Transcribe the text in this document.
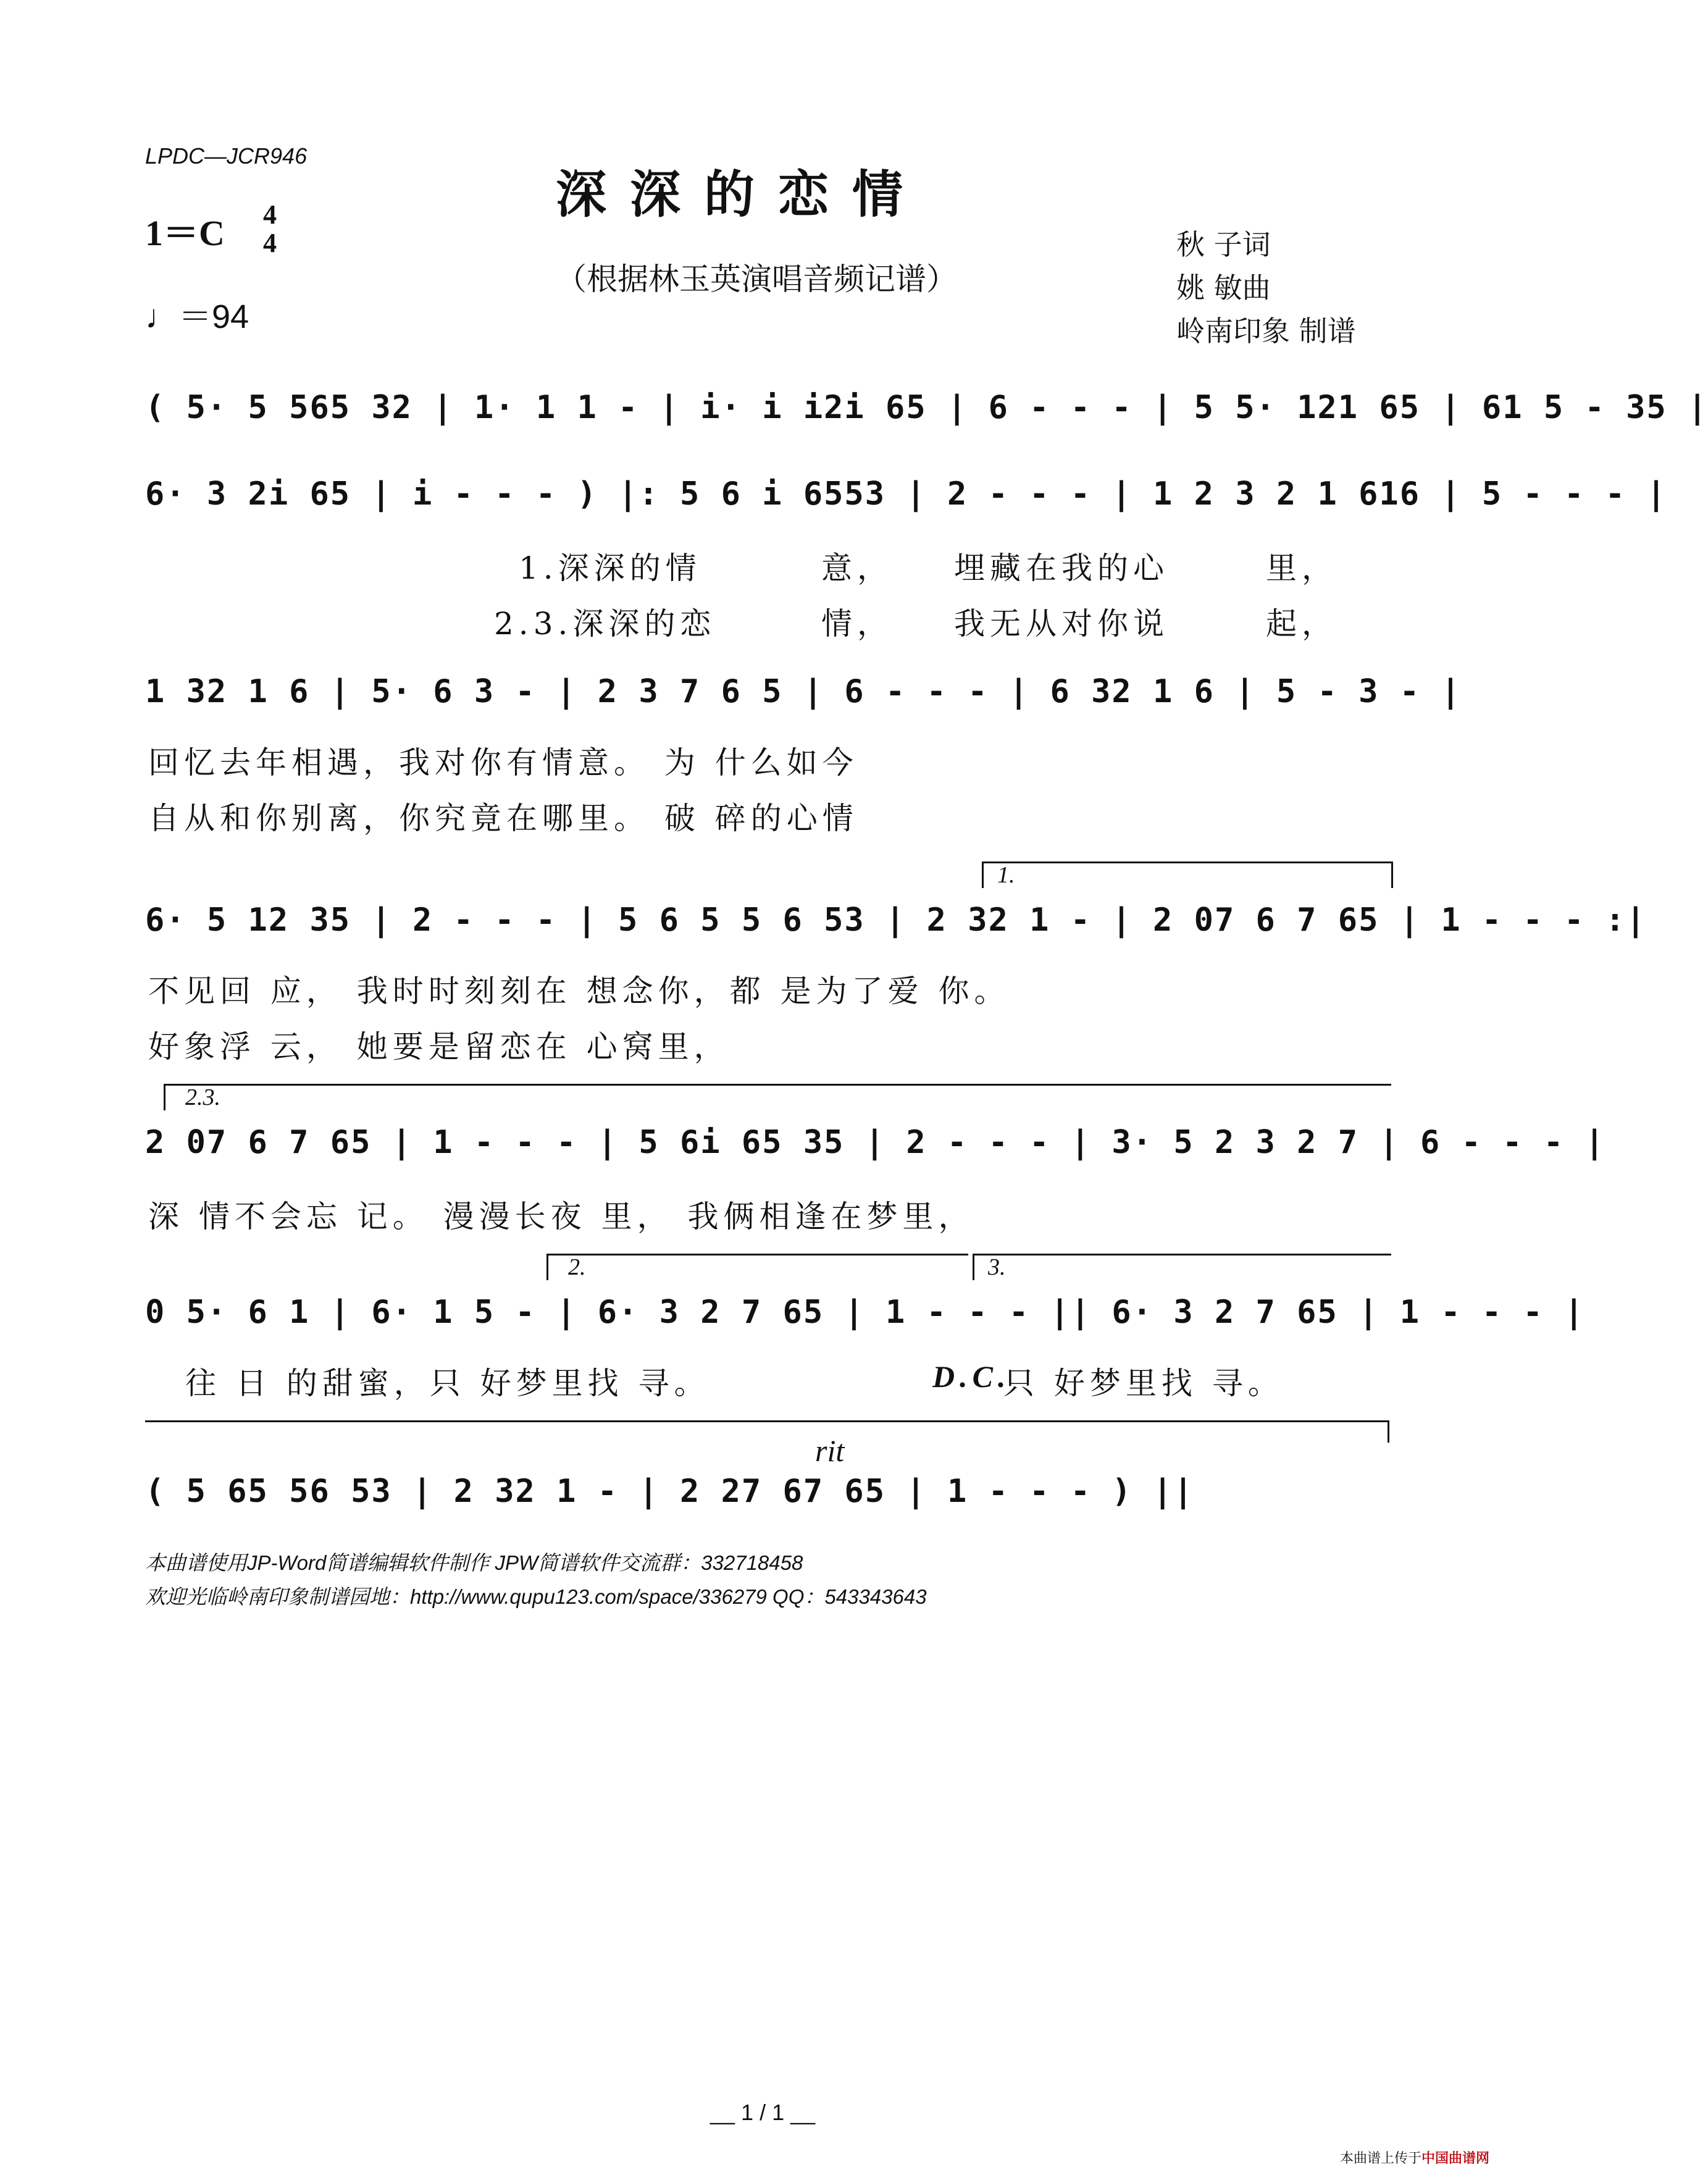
LPDC—JCR946
深深的恋情
（根据林玉英演唱音频记谱）
1＝C 4
4
♩＝94
秋 子词
姚 敏曲
岭南印象 制谱
( 5· 5 565 32 | 1· 1 1 - | i· i i2i 65 | 6 - - - | 5 5· 121 65 | 61 5 - 35 |
6· 3 2i 65 | i - - - ) |: 5 6 i 6553 | 2 - - - | 1 2 3 2 1 616 | 5 - - - |
1.深深的情	意， 埋藏在我的心	里，
2.3.深深的恋	情， 我无从对你说	起，
1 32 1 6 | 5· 6 3 - | 2 3 7 6 5 | 6 - - - | 6 32 1 6 | 5 - 3 - |
回忆去年相遇，我对你有情意。 为 什么如今
自从和你别离，你究竟在哪里。 破 碎的心情
1.
6· 5 12 35 | 2 - - - | 5 6 5 5 6 53 | 2 32 1 - | 2 07 6 7 65 | 1 - - - :|
不见回 应， 我时时刻刻在 想念你，都 是为了爱 你。
好象浮 云， 她要是留恋在 心窝里，
2.3.
2 07 6 7 65 | 1 - - - | 5 6i 65 35 | 2 - - - | 3· 5 2 3 2 7 | 6 - - - |
深 情不会忘 记。 漫漫长夜 里， 我俩相逢在梦里，
2.	3.
0 5· 6 1 | 6· 1 5 - | 6· 3 2 7 65 | 1 - - - || 6· 3 2 7 65 | 1 - - - |
往 日 的甜蜜，只 好梦里找 寻。	D.C.
只 好梦里找 寻。
rit
( 5 65 56 53 | 2 32 1 - | 2 27 67 65 | 1 - - - ) ||
本曲谱使用JP-Word简谱编辑软件制作 JPW简谱软件交流群：332718458
欢迎光临岭南印象制谱园地：http://www.qupu123.com/space/336279 QQ：543343643
__ 1 / 1 __
本曲谱上传于中国曲谱网
